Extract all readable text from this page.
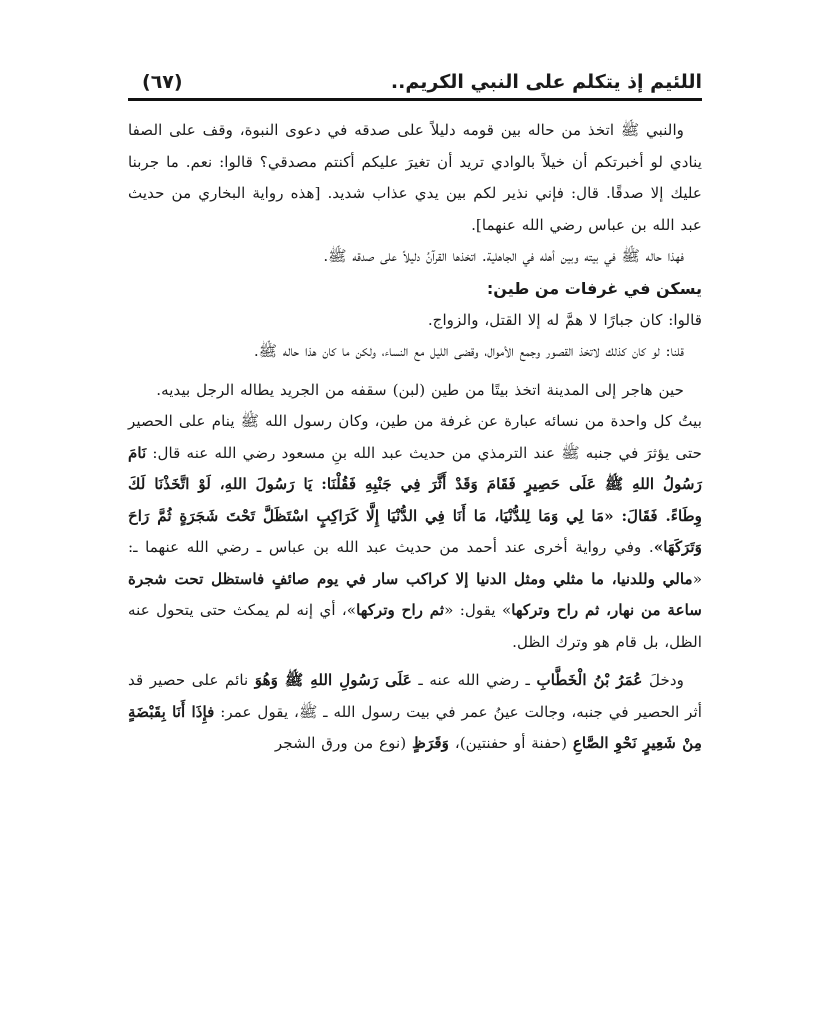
اللئيم إذ يتكلم على النبي الكريم..
(٦٧)

والنبي ﷺ اتخذ من حاله بين قومه دليلاً على صدقه في دعوى النبوة، وقف على الصفا ينادي لو أخبرتكم أن خيلاً بالوادي تريد أن تغيرَ عليكم أكنتم مصدقي؟ قالوا: نعم. ما جربنا عليك إلا صدقًا. قال: فإني نذير لكم بين يدي عذاب شديد. [هذه رواية البخاري من حديث عبد الله بن عباس رضي الله عنهما].

فهذا حاله ﷺ في بيته وبين أهله في الجاهلية. اتخذها القرآنُ دليلاً على صدقه ﷺ.

يسكن في غرفات من طين:

قالوا: كان جبارًا لا همَّ له إلا القتل، والزواج.

قلنا: لو كان كذلك لاتخذ القصور وجمع الأموال، وقضى الليل مع النساء، ولكن ما كان هذا حاله ﷺ.

حين هاجر إلى المدينة اتخذ بيتًا من طين (لبن) سقفه من الجريد يطاله الرجل بيديه.

بيتُ كل واحدة من نسائه عبارة عن غرفة من طين، وكان رسول الله ﷺ ينام على الحصير حتى يؤثرَ في جنبه ﷺ عند الترمذي من حديث عبد الله بنِ مسعود رضي الله عنه قال: نَامَ رَسُولُ اللهِ ﷺ عَلَى حَصِيرٍ فَقَامَ وَقَدْ أَثَّرَ فِي جَنْبِهِ فَقُلْنَا: يَا رَسُولَ اللهِ، لَوْ اتَّخَذْنَا لَكَ وِطَاءً. فَقَالَ: «مَا لِي وَمَا لِلدُّنْيَا، مَا أَنَا فِي الدُّنْيَا إِلَّا كَرَاكِبٍ اسْتَظَلَّ تَحْتَ شَجَرَةٍ ثُمَّ رَاحَ وَتَرَكَهَا». وفي رواية أخرى عند أحمد من حديث عبد الله بن عباس ـ رضي الله عنهما ـ: «مالي وللدنيا، ما مثلي ومثل الدنيا إلا كراكب سار في يوم صائفٍ فاستظل تحت شجرة ساعة من نهار، ثم راح وتركها» يقول: «ثم راح وتركها»، أي إنه لم يمكث حتى يتحول عنه الظل، بل قام هو وترك الظل.

ودخلَ عُمَرُ بْنُ الْخَطَّابِ ـ رضي الله عنه ـ عَلَى رَسُولِ اللهِ ﷺ وَهُوَ نائم على حصير قد أثر الحصير في جنبه، وجالت عينُ عمر في بيت رسول الله ـ ﷺ، يقول عمر: فإِذَا أَنَا بِقَبْضَةٍ مِنْ شَعِيرٍ نَحْوِ الصَّاعِ (حفنة أو حفنتين)، وَقَرَظٍ (نوع من ورق الشجر
